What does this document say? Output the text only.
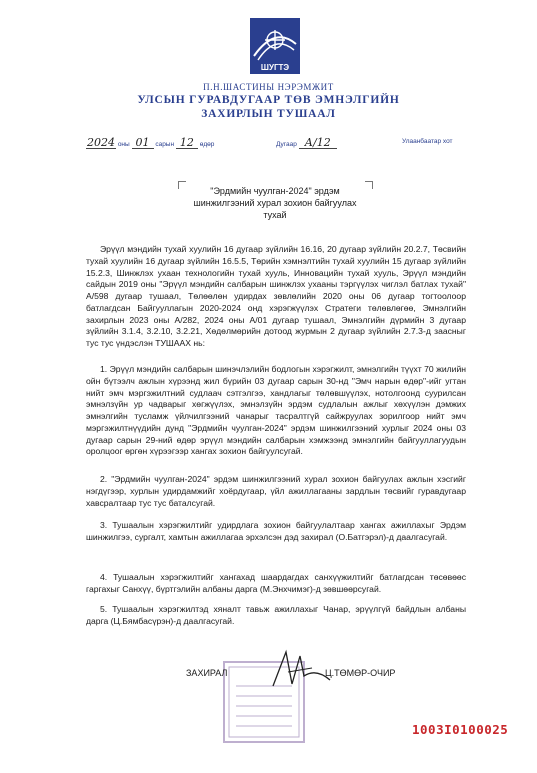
ШУГТЭ
П.Н.ШАСТИНЫ НЭРЭМЖИТ
УЛСЫН ГУРАВДУГААР ТӨВ ЭМНЭЛГИЙН
ЗАХИРЛЫН ТУШААЛ
2024 оны 01 сарын 12 өдөр	Дугаар А/12	Улаанбаатар хот
"Эрдмийн чуулган-2024" эрдэм
шинжилгээний хурал зохион байгуулах
тухай

Эрүүл мэндийн тухай хуулийн 16 дугаар зүйлийн 16.16, 20 дугаар зүйлийн 20.2.7, Төсвийн тухай хуулийн 16 дугаар зүйлийн 16.5.5, Төрийн хэмнэлтийн тухай хуулийн 15 дугаар зүйлийн 15.2.3, Шинжлэх ухаан технологийн тухай хууль, Инновацийн тухай хууль, Эрүүл мэндийн сайдын 2019 оны "Эрүүл мэндийн салбарын шинжлэх ухааны тэргүүлэх чиглэл батлах тухай" А/598 дугаар тушаал, Төлөөлөн удирдах зөвлөлийн 2020 оны 06 дугаар тогтоолоор батлагдсан Байгууллагын 2020-2024 онд хэрэгжүүлэх Стратеги төлөвлөгөө, Эмнэлгийн захирлын 2023 оны А/282, 2024 оны А/01 дугаар тушаал, Эмнэлгийн дүрмийн 3 дугаар зүйлийн 3.1.4, 3.2.10, 3.2.21, Хөдөлмөрийн дотоод журмын 2 дугаар зүйлийн 2.7.3-д заасныг тус тус үндэслэн ТУШААХ нь:

1. Эрүүл мэндийн салбарын шинэчлэлийн бодлогын хэрэгжилт, эмнэлгийн түүхт 70 жилийн ойн бүтээлч ажлын хүрээнд жил бүрийн 03 дугаар сарын 30-нд "Эмч нарын өдөр"-ийг угтан нийт эмч мэргэжилтний судлаач сэтгэлгээ, хандлагыг төлөвшүүлэх, нотолгоонд суурилсан эмнэлзүйн ур чадварыг хөгжүүлэх, эмнэлзүйн эрдэм судлалын ажлыг хөхүүлэн дэмжих эмнэлгийн тусламж үйлчилгээний чанарыг тасралтгүй сайжруулах зорилгоор нийт эмч мэргэжилтнүүдийн дунд "Эрдмийн чуулган-2024" эрдэм шинжилгээний хурлыг 2024 оны 03 дугаар сарын 29-ний өдөр эрүүл мэндийн салбарын хэмжээнд эмнэлгийн байгууллагуудын оролцоог өргөн хүрээгээр хангах зохион байгуулсугай.

2. "Эрдмийн чуулган-2024" эрдэм шинжилгээний хурал зохион байгуулах ажлын хэсгийг нэгдүгээр, хурлын удирдамжийг хоёрдугаар, үйл ажиллагааны зардлын төсвийг гуравдугаар хавсралтаар тус тус баталсугай.

3. Тушаалын хэрэгжилтийг удирдлага зохион байгуулалтаар хангах ажиллахыг Эрдэм шинжилгээ, сургалт, хамтын ажиллагаа эрхэлсэн дэд захирал (О.Батгэрэл)-д даалгасугай.

4. Тушаалын хэрэгжилтийг хангахад шаардагдах санхүүжилтийг батлагдсан төсөвөөс гаргахыг Санхүү, бүртгэлийн албаны дарга (М.Энхчимэг)-д зөвшөөрсугай.

5. Тушаалын хэрэгжилтэд хяналт тавьж ажиллахыг Чанар, эрүүлгүй байдлын албаны дарга (Ц.Бямбасүрэн)-д даалгасугай.

ЗАХИРАЛ	Ц.ТӨМӨР-ОЧИР
1003I0100025
